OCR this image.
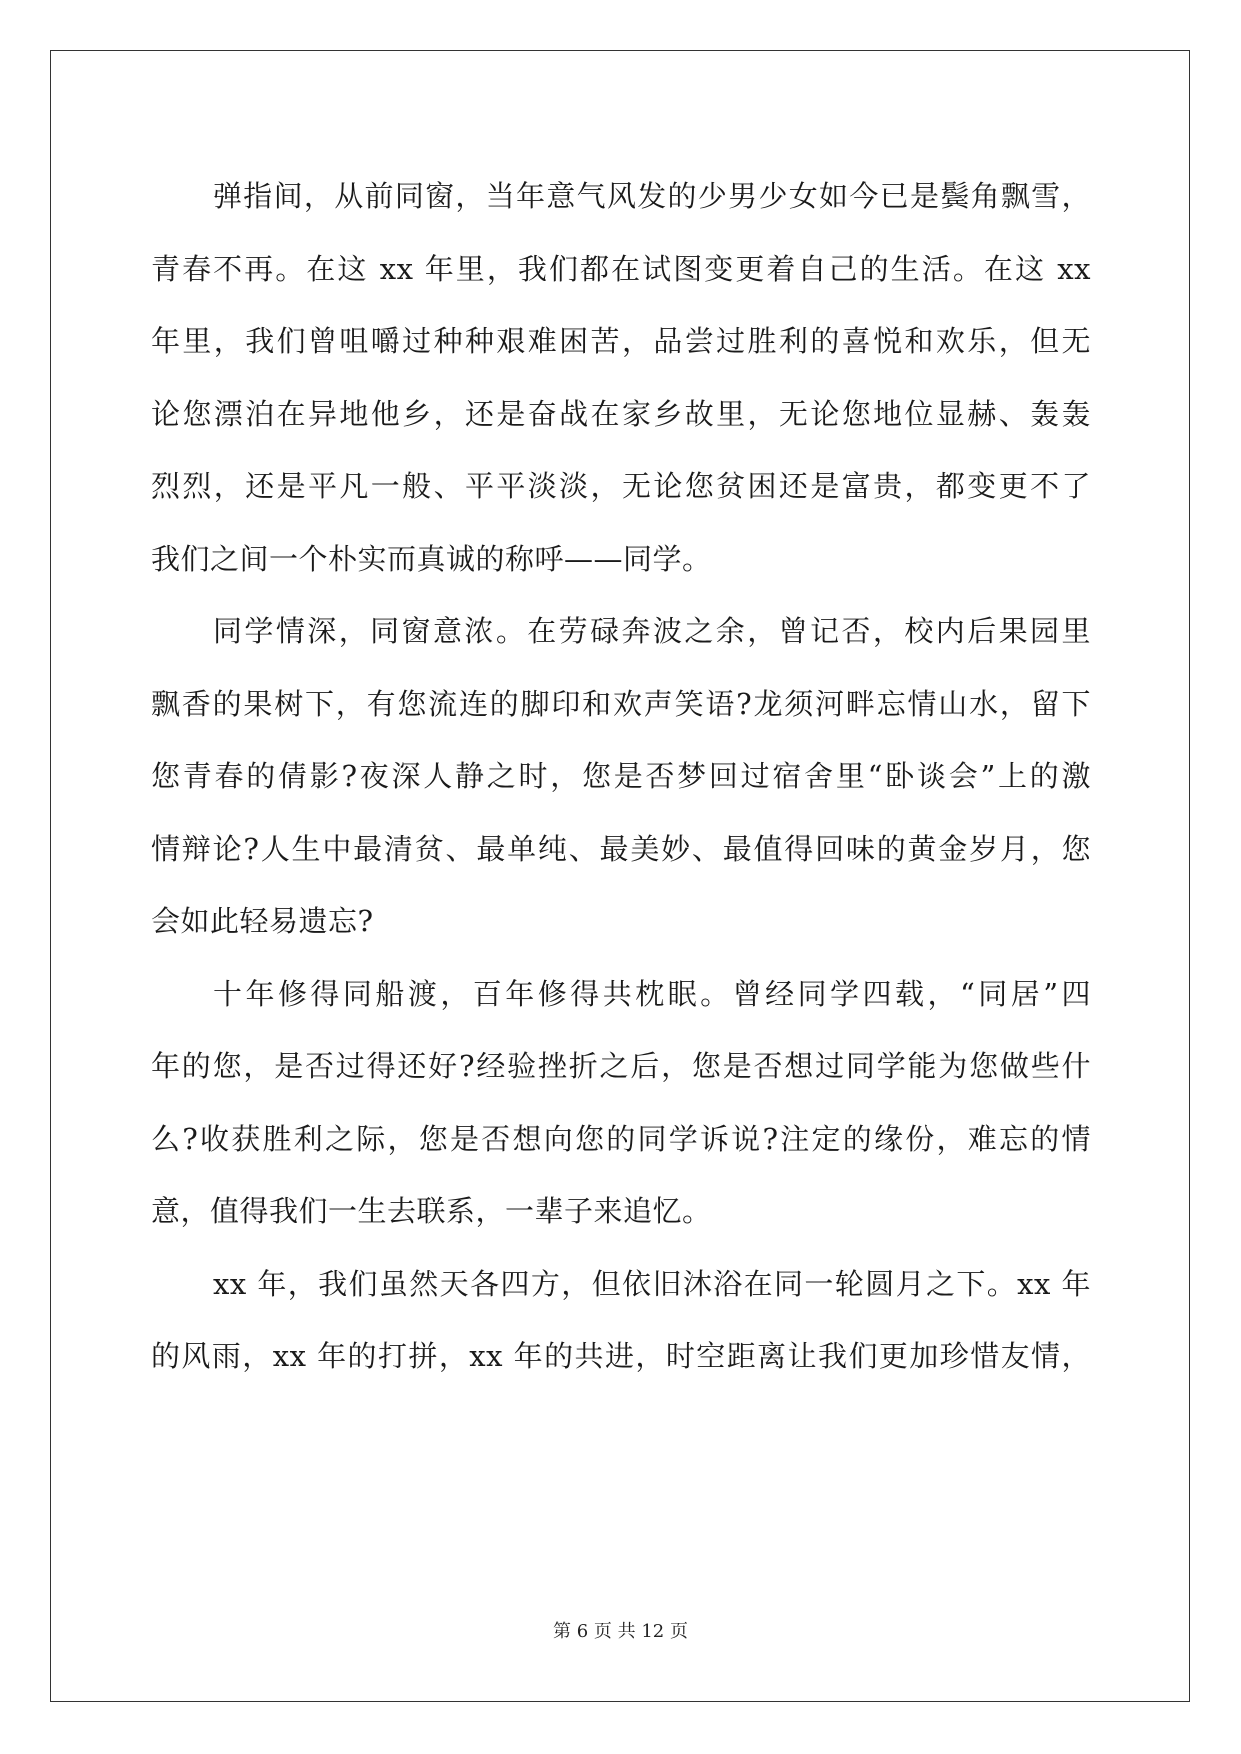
弹指间，从前同窗，当年意气风发的少男少女如今已是鬓角飘雪，
青春不再。在这 xx 年里，我们都在试图变更着自己的生活。在这 xx
年里，我们曾咀嚼过种种艰难困苦，品尝过胜利的喜悦和欢乐，但无
论您漂泊在异地他乡，还是奋战在家乡故里，无论您地位显赫、轰轰
烈烈，还是平凡一般、平平淡淡，无论您贫困还是富贵，都变更不了
我们之间一个朴实而真诚的称呼——同学。
同学情深，同窗意浓。在劳碌奔波之余，曾记否，校内后果园里
飘香的果树下，有您流连的脚印和欢声笑语?龙须河畔忘情山水，留下
您青春的倩影?夜深人静之时，您是否梦回过宿舍里“卧谈会”上的激
情辩论?人生中最清贫、最单纯、最美妙、最值得回味的黄金岁月，您
会如此轻易遗忘?
十年修得同船渡，百年修得共枕眠。曾经同学四载，“同居”四
年的您，是否过得还好?经验挫折之后，您是否想过同学能为您做些什
么?收获胜利之际，您是否想向您的同学诉说?注定的缘份，难忘的情
意，值得我们一生去联系，一辈子来追忆。
xx 年，我们虽然天各四方，但依旧沐浴在同一轮圆月之下。xx 年
的风雨，xx 年的打拼，xx 年的共进，时空距离让我们更加珍惜友情，
第 6 页 共 12 页
